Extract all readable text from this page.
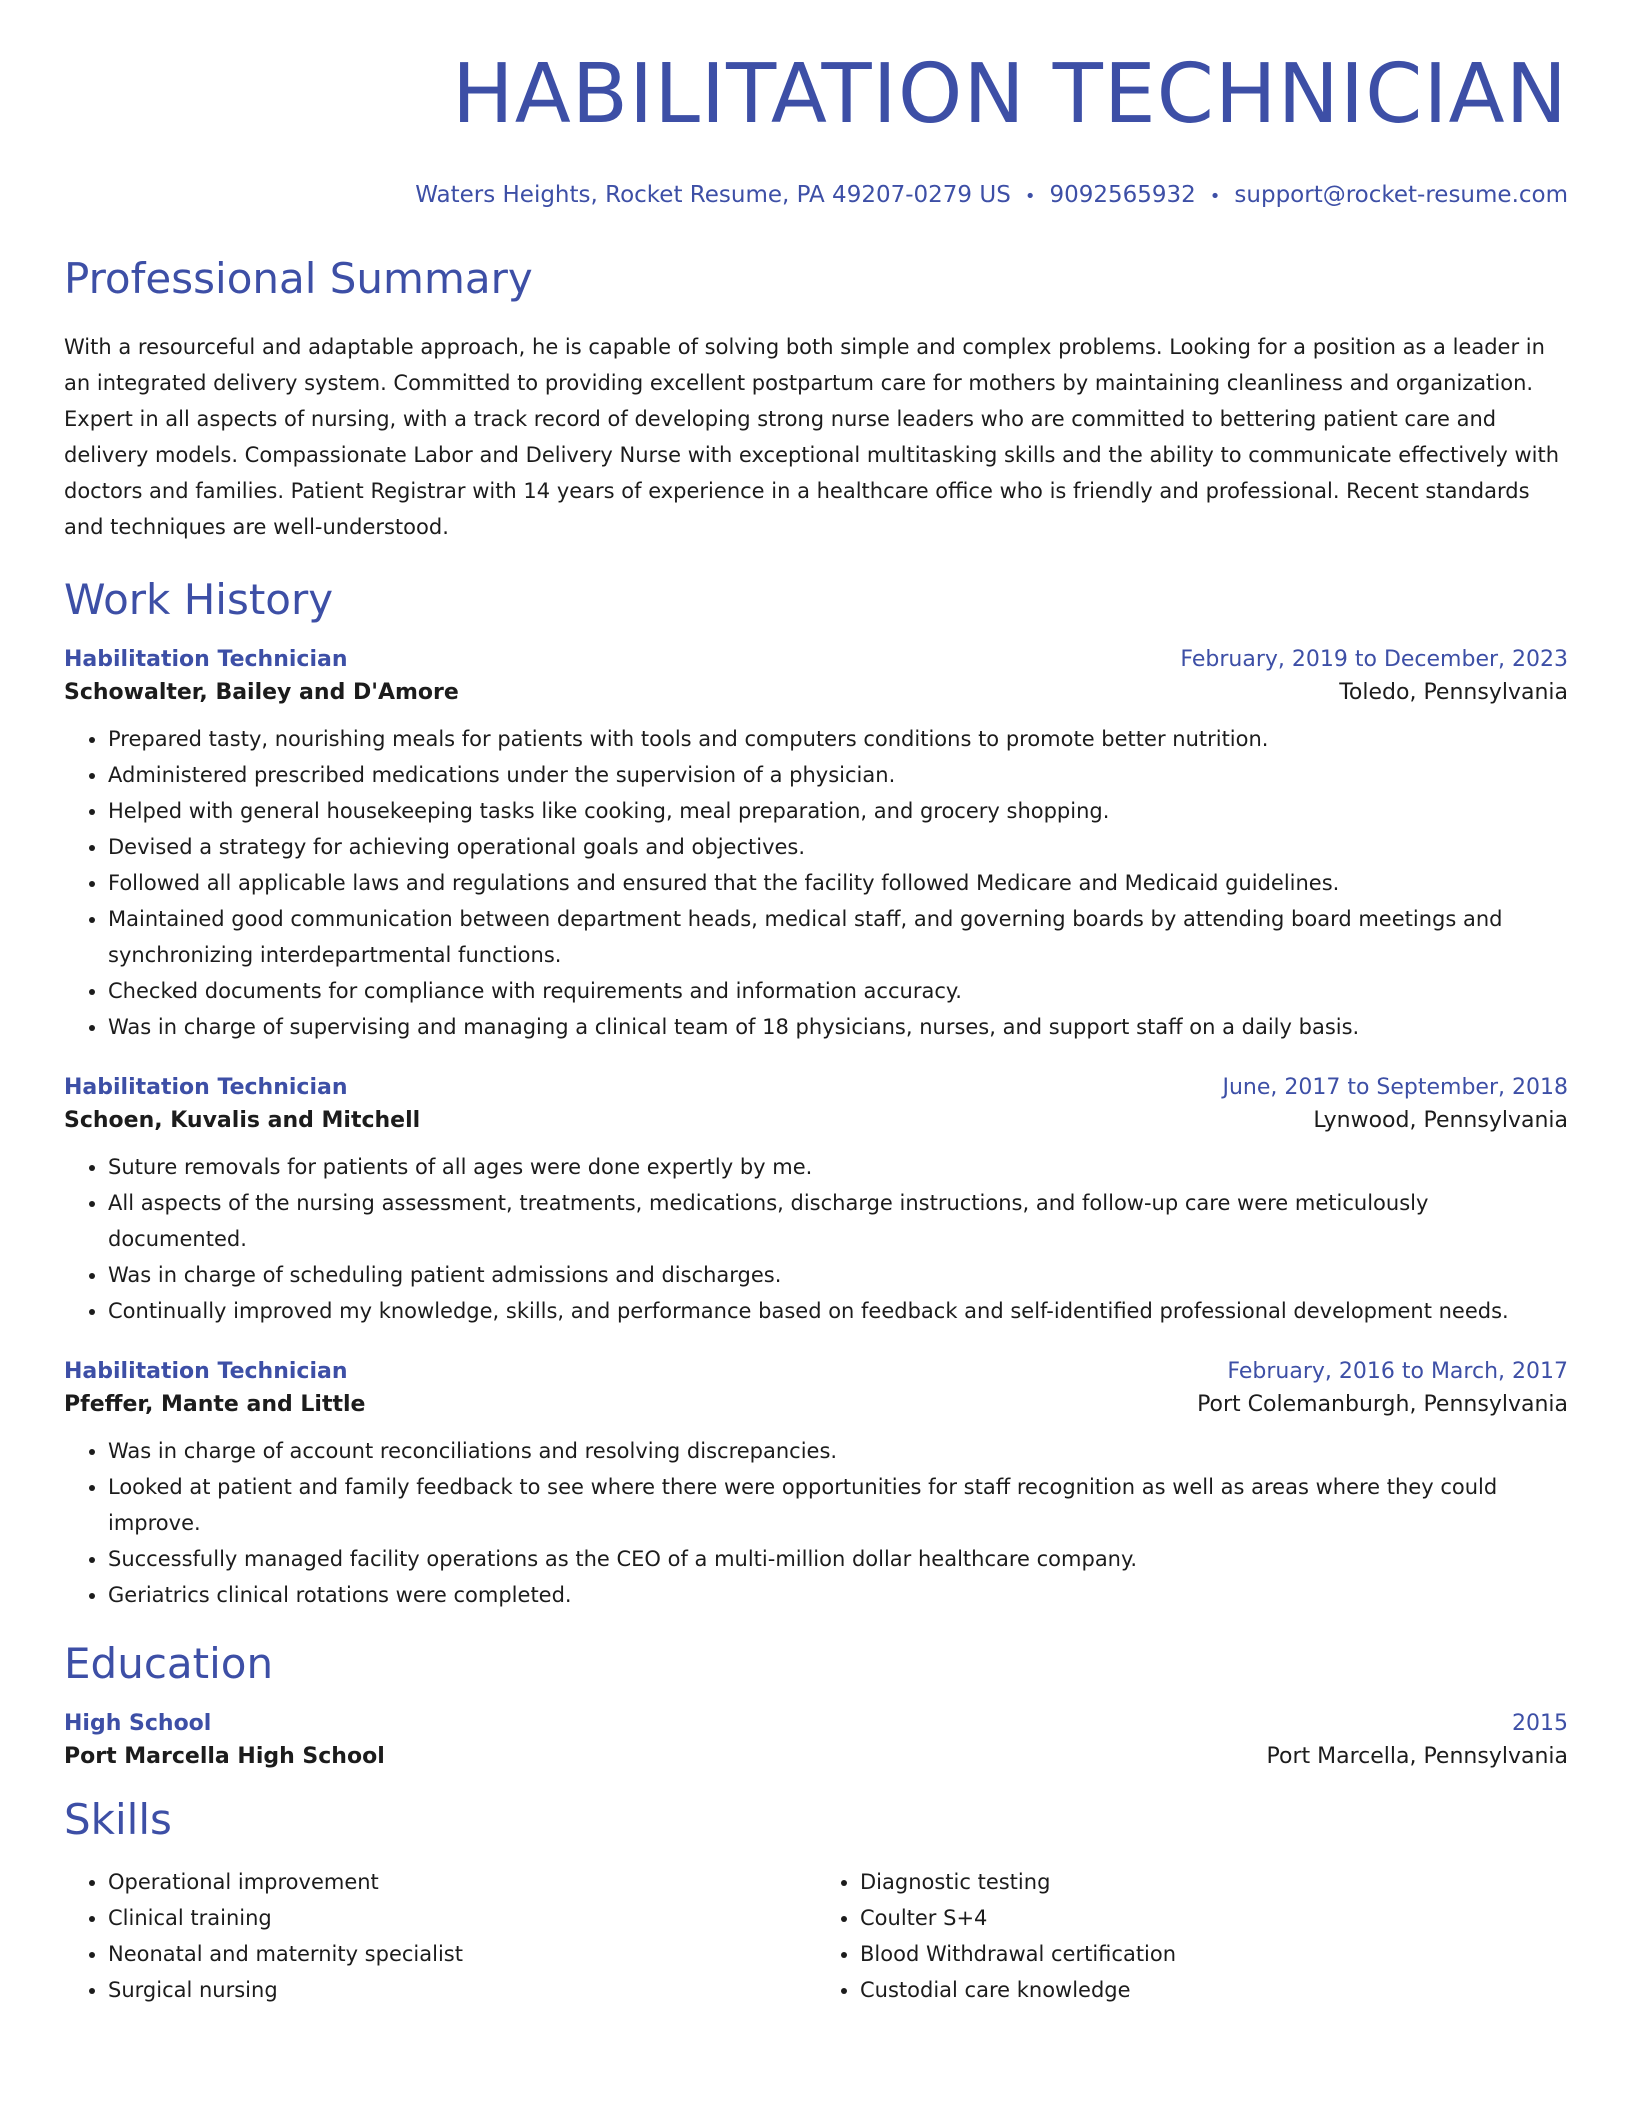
HABILITATION TECHNICIAN
Waters Heights, Rocket Resume, PA 49207-0279 US • 9092565932 • support@rocket-resume.com
Professional Summary
With a resourceful and adaptable approach, he is capable of solving both simple and complex problems. Looking for a position as a leader in an integrated delivery system. Committed to providing excellent postpartum care for mothers by maintaining cleanliness and organization. Expert in all aspects of nursing, with a track record of developing strong nurse leaders who are committed to bettering patient care and delivery models. Compassionate Labor and Delivery Nurse with exceptional multitasking skills and the ability to communicate effectively with doctors and families. Patient Registrar with 14 years of experience in a healthcare office who is friendly and professional. Recent standards and techniques are well-understood.
Work History
Habilitation Technician	February, 2019 to December, 2023
Schowalter, Bailey and D'Amore	Toledo, Pennsylvania
• Prepared tasty, nourishing meals for patients with tools and computers conditions to promote better nutrition.
• Administered prescribed medications under the supervision of a physician.
• Helped with general housekeeping tasks like cooking, meal preparation, and grocery shopping.
• Devised a strategy for achieving operational goals and objectives.
• Followed all applicable laws and regulations and ensured that the facility followed Medicare and Medicaid guidelines.
• Maintained good communication between department heads, medical staff, and governing boards by attending board meetings and synchronizing interdepartmental functions.
• Checked documents for compliance with requirements and information accuracy.
• Was in charge of supervising and managing a clinical team of 18 physicians, nurses, and support staff on a daily basis.
Habilitation Technician	June, 2017 to September, 2018
Schoen, Kuvalis and Mitchell	Lynwood, Pennsylvania
• Suture removals for patients of all ages were done expertly by me.
• All aspects of the nursing assessment, treatments, medications, discharge instructions, and follow-up care were meticulously documented.
• Was in charge of scheduling patient admissions and discharges.
• Continually improved my knowledge, skills, and performance based on feedback and self-identified professional development needs.
Habilitation Technician	February, 2016 to March, 2017
Pfeffer, Mante and Little	Port Colemanburgh, Pennsylvania
• Was in charge of account reconciliations and resolving discrepancies.
• Looked at patient and family feedback to see where there were opportunities for staff recognition as well as areas where they could improve.
• Successfully managed facility operations as the CEO of a multi-million dollar healthcare company.
• Geriatrics clinical rotations were completed.
Education
High School	2015
Port Marcella High School	Port Marcella, Pennsylvania
Skills
• Operational improvement
• Clinical training
• Neonatal and maternity specialist
• Surgical nursing
• Diagnostic testing
• Coulter S+4
• Blood Withdrawal certification
• Custodial care knowledge
